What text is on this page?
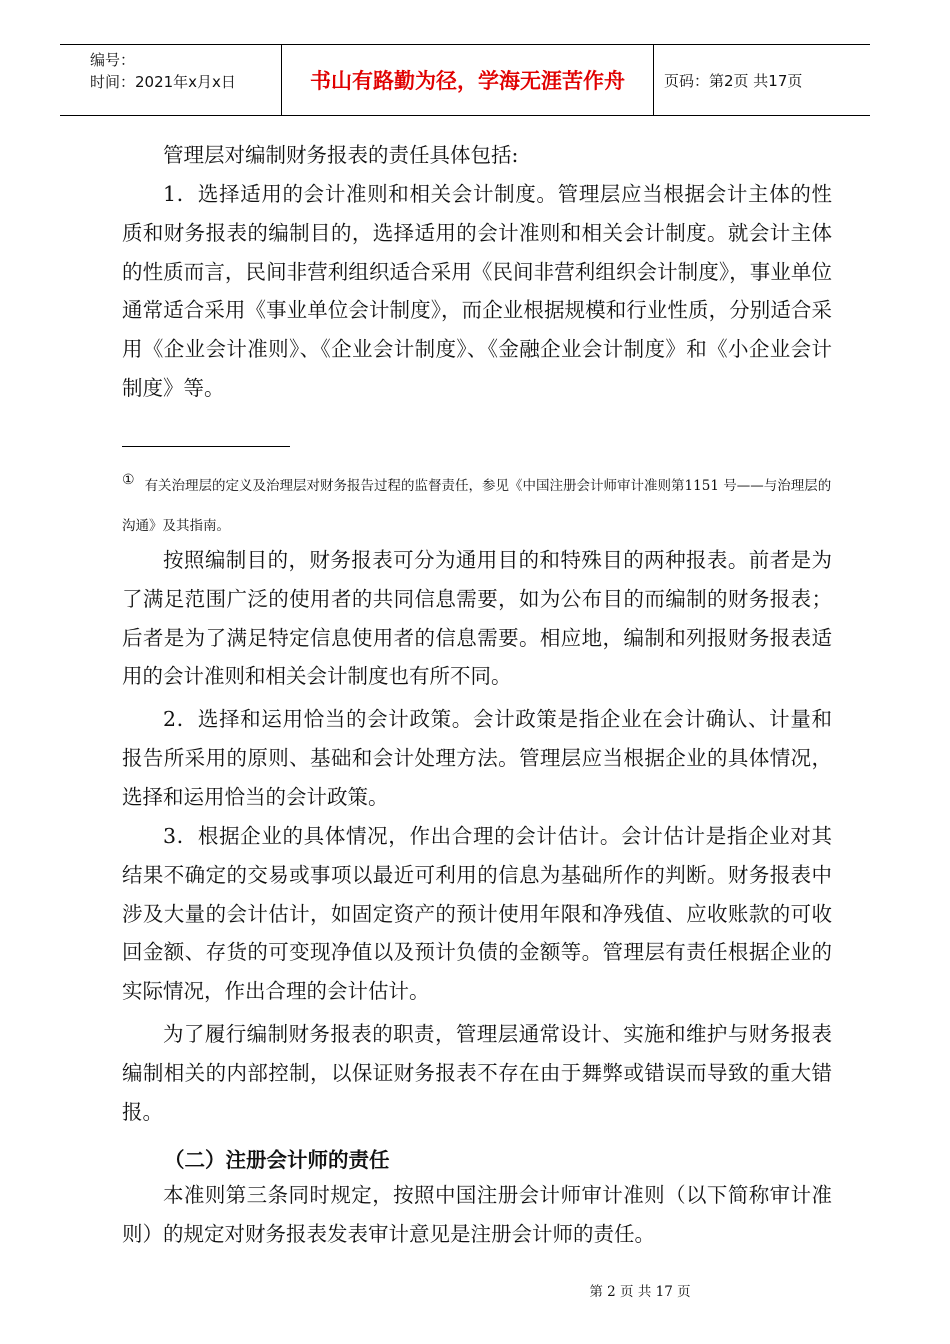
编号：
时间：2021年x月x日	书山有路勤为径，学海无涯苦作舟	页码：第2页 共17页

管理层对编制财务报表的责任具体包括:

1．选择适用的会计准则和相关会计制度。管理层应当根据会计主体的性质和财务报表的编制目的，选择适用的会计准则和相关会计制度。就会计主体的性质而言，民间非营利组织适合采用《民间非营利组织会计制度》，事业单位通常适合采用《事业单位会计制度》，而企业根据规模和行业性质，分别适合采用《企业会计准则》、《企业会计制度》、《金融企业会计制度》和《小企业会计制度》等。

① 有关治理层的定义及治理层对财务报告过程的监督责任，参见《中国注册会计师审计准则第1151 号——与治理层的沟通》及其指南。

按照编制目的，财务报表可分为通用目的和特殊目的两种报表。前者是为了满足范围广泛的使用者的共同信息需要，如为公布目的而编制的财务报表；后者是为了满足特定信息使用者的信息需要。相应地，编制和列报财务报表适用的会计准则和相关会计制度也有所不同。

2．选择和运用恰当的会计政策。会计政策是指企业在会计确认、计量和报告所采用的原则、基础和会计处理方法。管理层应当根据企业的具体情况，选择和运用恰当的会计政策。

3．根据企业的具体情况，作出合理的会计估计。会计估计是指企业对其结果不确定的交易或事项以最近可利用的信息为基础所作的判断。财务报表中涉及大量的会计估计，如固定资产的预计使用年限和净残值、应收账款的可收回金额、存货的可变现净值以及预计负债的金额等。管理层有责任根据企业的实际情况，作出合理的会计估计。

为了履行编制财务报表的职责，管理层通常设计、实施和维护与财务报表编制相关的内部控制，以保证财务报表不存在由于舞弊或错误而导致的重大错报。

（二）注册会计师的责任

本准则第三条同时规定，按照中国注册会计师审计准则（以下简称审计准则）的规定对财务报表发表审计意见是注册会计师的责任。

第 2 页 共 17 页
